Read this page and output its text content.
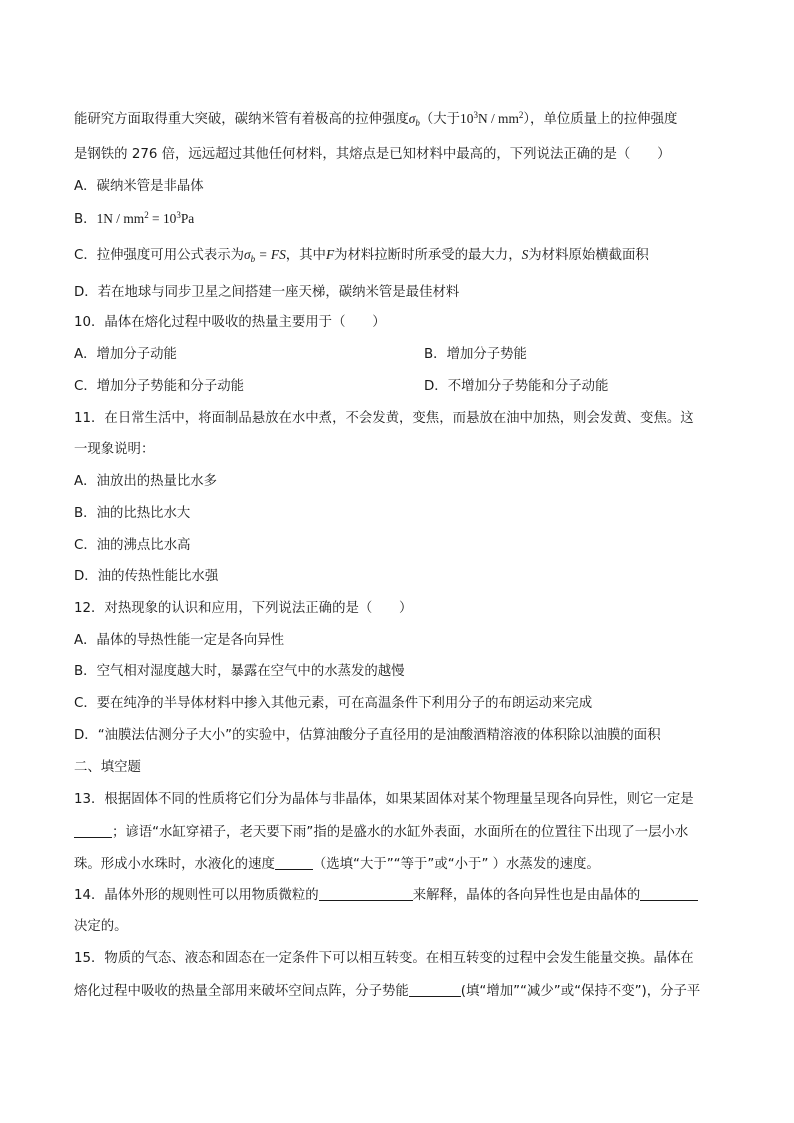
能研究方面取得重大突破，碳纳米管有着极高的拉伸强度$\sigma_b$（大于$10^3N / mm^2$），单位质量上的拉伸强度
是钢铁的 276 倍，远远超过其他任何材料，其熔点是已知材料中最高的，下列说法正确的是（　　）
A．碳纳米管是非晶体
B．$1N / mm^2 = 10^3Pa$
C．拉伸强度可用公式表示为$\sigma_b$ = FS，其中F为材料拉断时所承受的最大力，S为材料原始横截面积
D．若在地球与同步卫星之间搭建一座天梯，碳纳米管是最佳材料
10．晶体在熔化过程中吸收的热量主要用于（　　）
A．增加分子动能	B．增加分子势能
C．增加分子势能和分子动能	D．不增加分子势能和分子动能
11．在日常生活中，将面制品悬放在水中煮，不会发黄，变焦，而悬放在油中加热，则会发黄、变焦。这
一现象说明：
A．油放出的热量比水多
B．油的比热比水大
C．油的沸点比水高
D．油的传热性能比水强
12．对热现象的认识和应用，下列说法正确的是（　　）
A．晶体的导热性能一定是各向异性
B．空气相对湿度越大时，暴露在空气中的水蒸发的越慢
C．要在纯净的半导体材料中掺入其他元素，可在高温条件下利用分子的布朗运动来完成
D．“油膜法估测分子大小”的实验中，估算油酸分子直径用的是油酸酒精溶液的体积除以油膜的面积
二、填空题
13．根据固体不同的性质将它们分为晶体与非晶体，如果某固体对某个物理量呈现各向异性，则它一定是
；谚语“水缸穿裙子，老天要下雨”指的是盛水的水缸外表面，水面所在的位置往下出现了一层小水
珠。形成小水珠时，水液化的速度	（选填“大于”“等于”或“小于” ）水蒸发的速度。
14．晶体外形的规则性可以用物质微粒的	来解释，晶体的各向异性也是由晶体的
决定的。
15．物质的气态、液态和固态在一定条件下可以相互转变。在相互转变的过程中会发生能量交换。晶体在
熔化过程中吸收的热量全部用来破坏空间点阵，分子势能	(填“增加”“减少”或“保持不变”)，分子平
